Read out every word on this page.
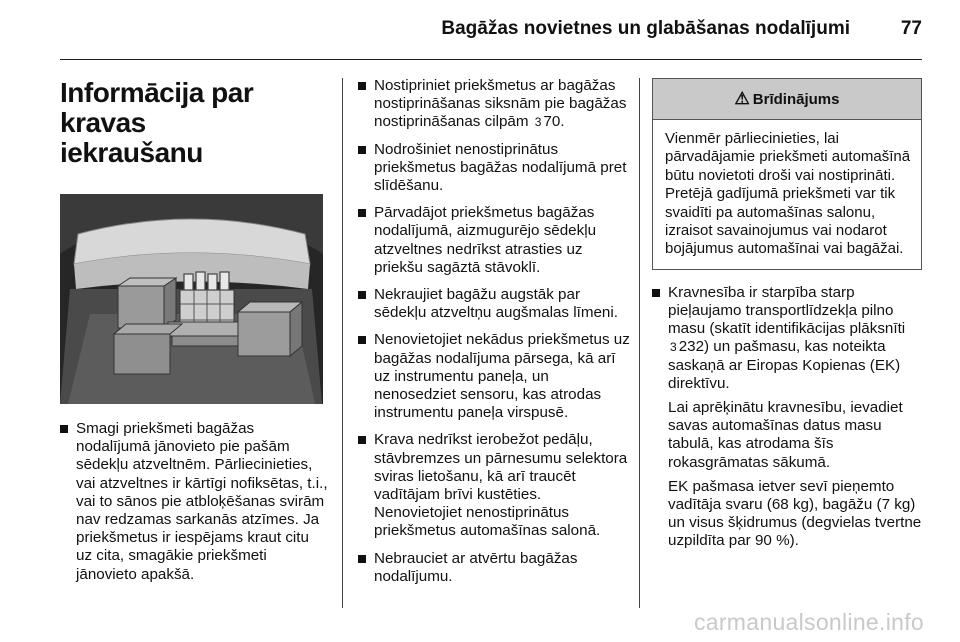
Bagāžas novietnes un glabāšanas nodalījumi	77
Informācija par kravas
iekraušanu
Smagi priekšmeti bagāžas nodalījumā jānovieto pie pašām sēdekļu atzveltnēm. Pārliecinieties, vai atzveltnes ir kārtīgi nofiksētas, t.i., vai to sānos pie atbloķēšanas svirām nav redzamas sarkanās atzīmes. Ja priekšmetus ir iespējams kraut citu uz cita, smagākie priekšmeti jānovieto apakšā.
Nostipriniet priekšmetus ar bagāžas nostiprināšanas siksnām pie bagāžas nostiprināšanas cilpām 3 70.
Nodrošiniet nenostiprinātus priekšmetus bagāžas nodalījumā pret slīdēšanu.
Pārvadājot priekšmetus bagāžas nodalījumā, aizmugurējo sēdekļu atzveltnes nedrīkst atrasties uz priekšu sagāztā stāvoklī.
Nekraujiet bagāžu augstāk par sēdekļu atzveltņu augšmalas līmeni.
Nenovietojiet nekādus priekšmetus uz bagāžas nodalījuma pārsega, kā arī uz instrumentu paneļa, un nenosedziet sensoru, kas atrodas instrumentu paneļa virspusē.
Krava nedrīkst ierobežot pedāļu, stāvbremzes un pārnesumu selektora sviras lietošanu, kā arī traucēt vadītājam brīvi kustēties. Nenovietojiet nenostiprinātus priekšmetus automašīnas salonā.
Nebrauciet ar atvērtu bagāžas nodalījumu.
⚠ Brīdinājums
Vienmēr pārliecinieties, lai pārvadājamie priekšmeti automašīnā būtu novietoti droši vai nostiprināti. Pretējā gadījumā priekšmeti var tik svaidīti pa automašīnas salonu, izraisot savainojumus vai nodarot bojājumus automašīnai vai bagāžai.
Kravnesība ir starpība starp pieļaujamo transportlīdzekļa pilno masu (skatīt identifikācijas plāksnīti 3 232) un pašmasu, kas noteikta saskaņā ar Eiropas Kopienas (EK) direktīvu.
Lai aprēķinātu kravnesību, ievadiet savas automašīnas datus masu tabulā, kas atrodama šīs rokasgrāmatas sākumā.
EK pašmasa ietver sevī pieņemto vadītāja svaru (68 kg), bagāžu (7 kg) un visus šķidrumus (degvielas tvertne uzpildīta par 90 %).
carmanualsonline.info
